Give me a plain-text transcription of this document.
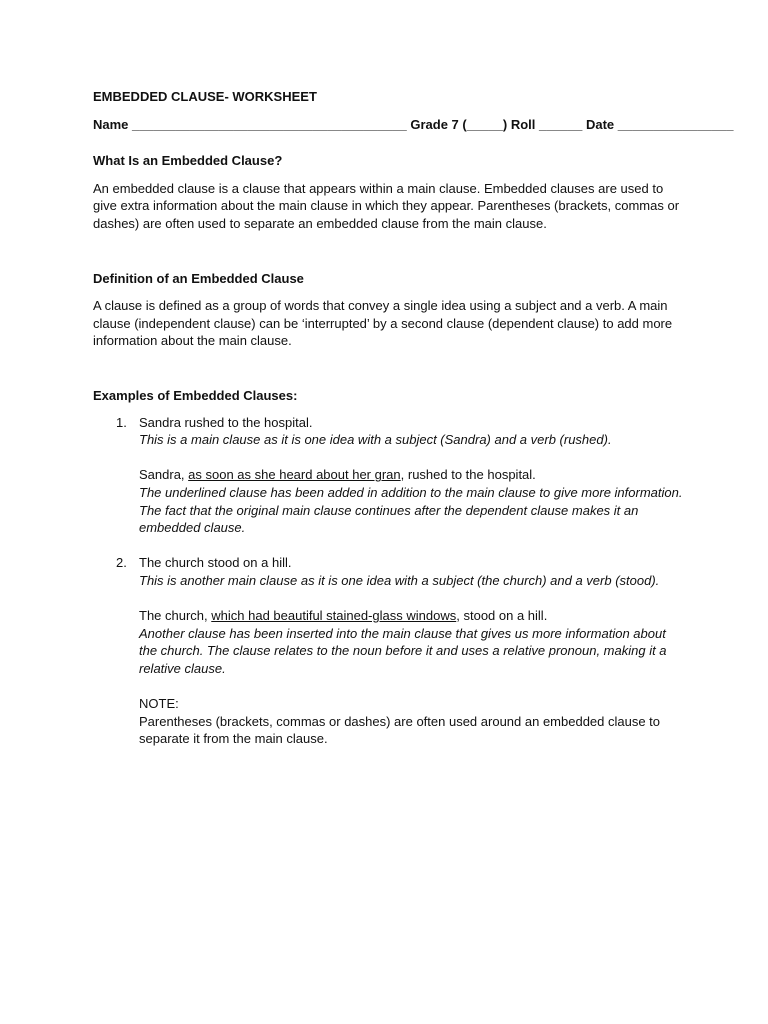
EMBEDDED CLAUSE- WORKSHEET
Name ______________________________________ Grade 7 (_____) Roll ______ Date ________________
What Is an Embedded Clause?

An embedded clause is a clause that appears within a main clause. Embedded clauses are used to give extra information about the main clause in which they appear. Parentheses (brackets, commas or dashes) are often used to separate an embedded clause from the main clause.

Definition of an Embedded Clause

A clause is defined as a group of words that convey a single idea using a subject and a verb. A main clause (independent clause) can be ‘interrupted’ by a second clause (dependent clause) to add more information about the main clause.

Examples of Embedded Clauses:
1. Sandra rushed to the hospital.
This is a main clause as it is one idea with a subject (Sandra) and a verb (rushed).
Sandra, as soon as she heard about her gran, rushed to the hospital.
The underlined clause has been added in addition to the main clause to give more information. The fact that the original main clause continues after the dependent clause makes it an embedded clause.
2. The church stood on a hill.
This is another main clause as it is one idea with a subject (the church) and a verb (stood).
The church, which had beautiful stained-glass windows, stood on a hill.
Another clause has been inserted into the main clause that gives us more information about the church. The clause relates to the noun before it and uses a relative pronoun, making it a relative clause.
NOTE:
Parentheses (brackets, commas or dashes) are often used around an embedded clause to separate it from the main clause.
